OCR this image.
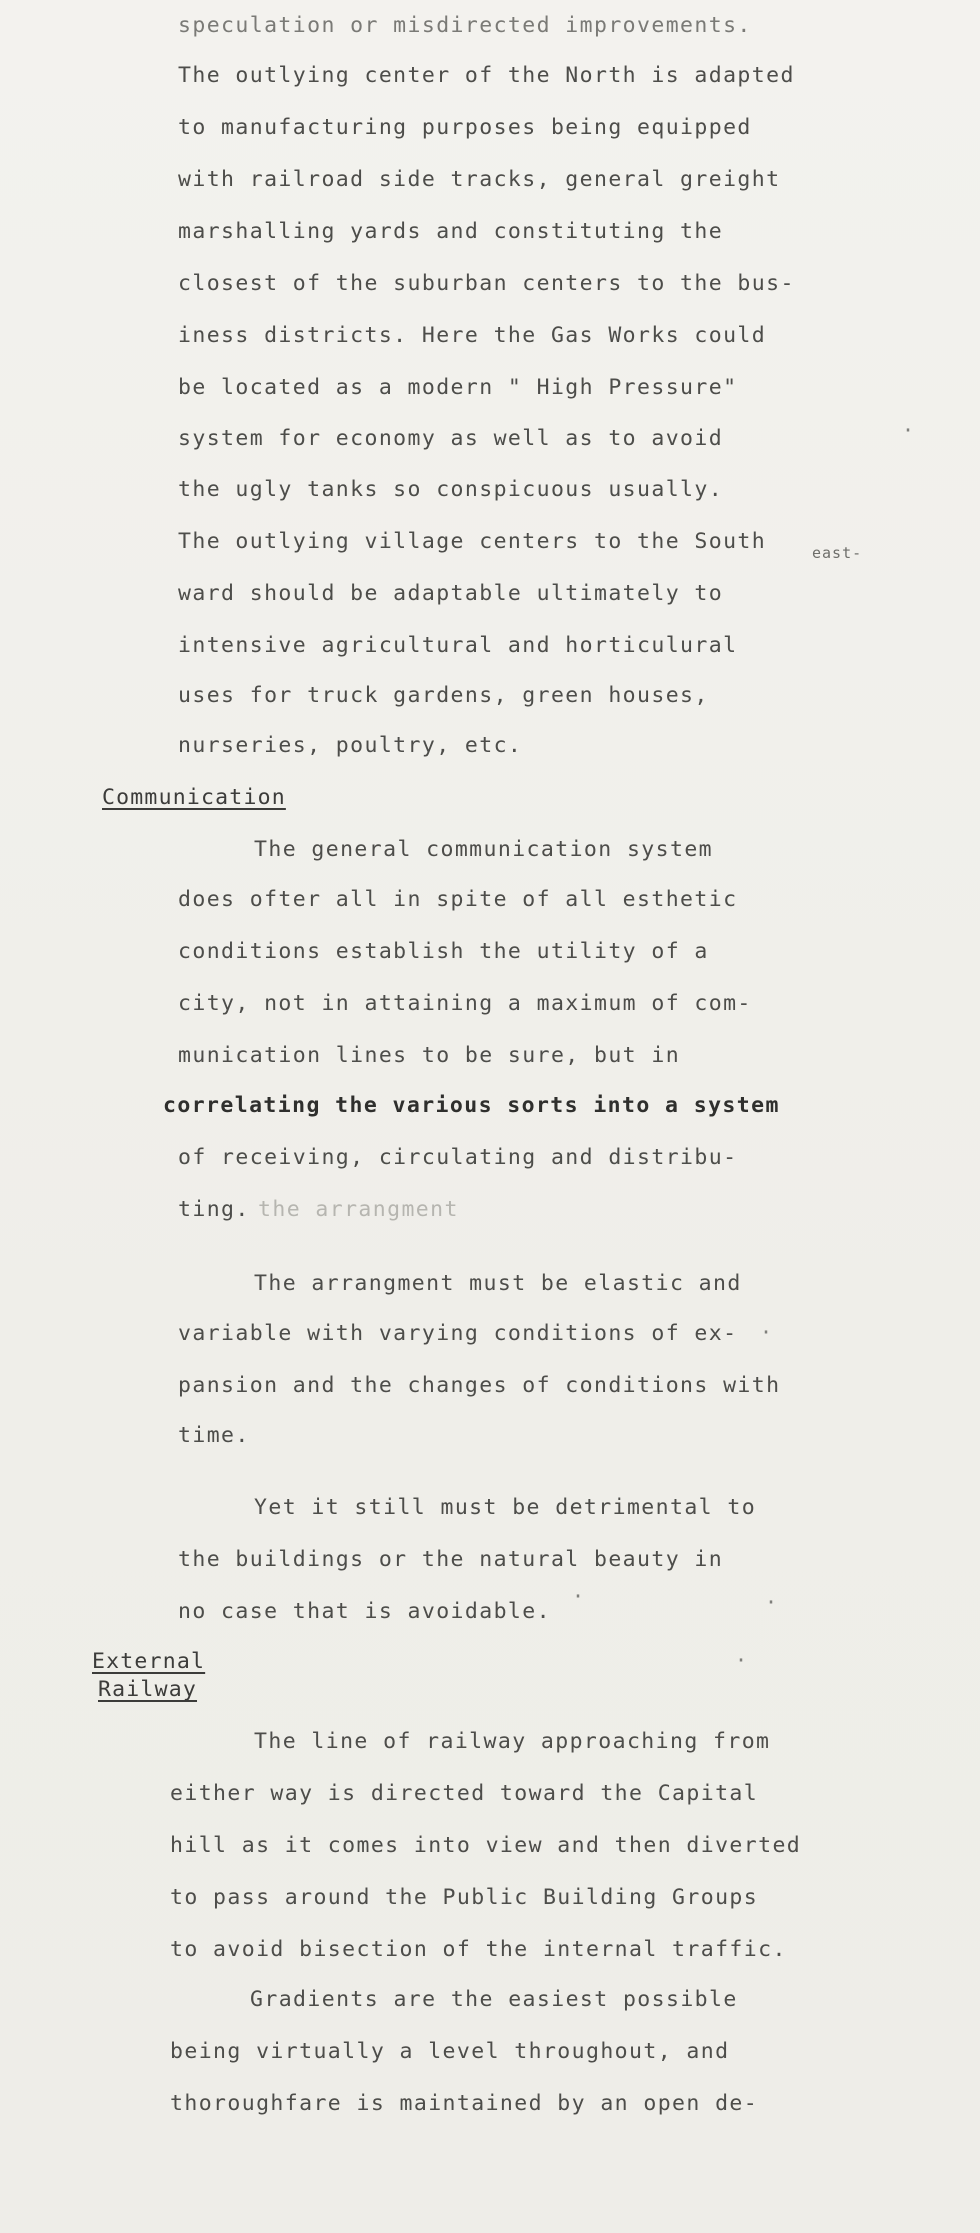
speculation or misdirected improvements.
The outlying center of the North is adapted
to manufacturing purposes being equipped
with railroad side tracks, general greight
marshalling yards and constituting the
closest of the suburban centers to the bus-
iness districts. Here the Gas Works could
be located as a modern " High Pressure"
system for economy as well as to avoid
the ugly tanks so conspicuous usually.
The outlying village centers to the South	east-
ward should be adaptable ultimately to
intensive agricultural and horticulural
uses for truck gardens, green houses,
nurseries, poultry, etc.
Communication
The general communication system
does ofter all in spite of all esthetic
conditions establish the utility of a
city, not in attaining a maximum of com-
munication lines to be sure, but in
correlating the various sorts into a system
of receiving, circulating and distribu-
ting. the arrangment
The arrangment must be elastic and
variable with varying conditions of ex-
pansion and the changes of conditions with
time.
Yet it still must be detrimental to
the buildings or the natural beauty in
no case that is avoidable.
External
Railway
The line of railway approaching from
either way is directed toward the Capital
hill as it comes into view and then diverted
to pass around the Public Building Groups
to avoid bisection of the internal traffic.
Gradients are the easiest possible
being virtually a level throughout, and
thoroughfare is maintained by an open de-
·
·
·
·
·
